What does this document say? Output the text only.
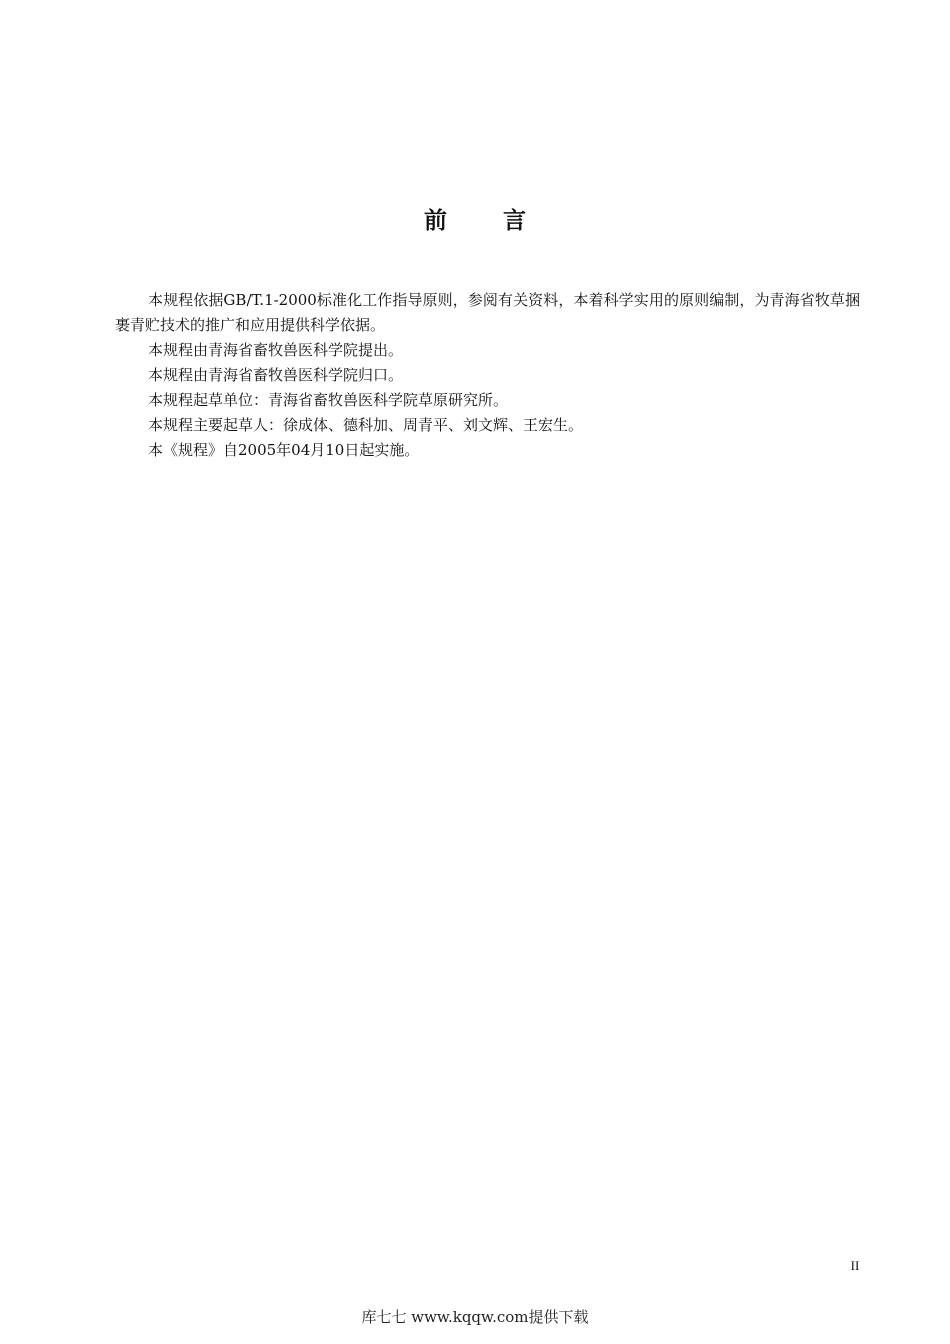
前言

本规程依据GB/T.1-2000标准化工作指导原则，参阅有关资料，本着科学实用的原则编制，为青海省牧草捆裹青贮技术的推广和应用提供科学依据。

本规程由青海省畜牧兽医科学院提出。

本规程由青海省畜牧兽医科学院归口。

本规程起草单位：青海省畜牧兽医科学院草原研究所。

本规程主要起草人：徐成体、德科加、周青平、刘文辉、王宏生。

本《规程》自2005年04月10日起实施。

II
库七七 www.kqqw.com提供下载
